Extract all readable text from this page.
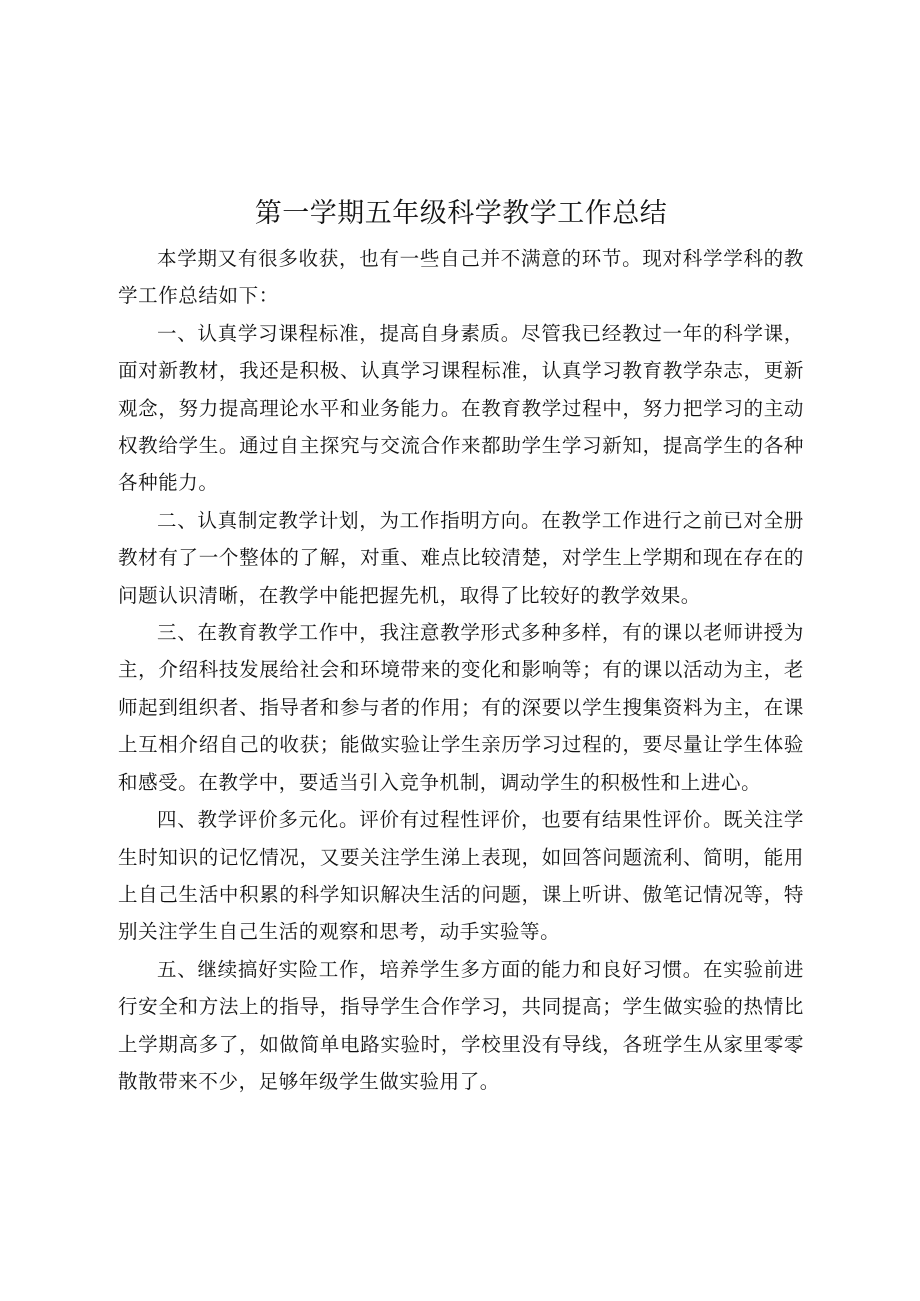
第一学期五年级科学教学工作总结

本学期又有很多收获，也有一些自己并不满意的环节。现对科学学科的教学工作总结如下：

一、认真学习课程标准，提高自身素质。尽管我已经教过一年的科学课，面对新教材，我还是积极、认真学习课程标准，认真学习教育教学杂志，更新观念，努力提高理论水平和业务能力。在教育教学过程中，努力把学习的主动权教给学生。通过自主探究与交流合作来都助学生学习新知，提高学生的各种各种能力。

二、认真制定教学计划，为工作指明方向。在教学工作进行之前已对全册教材有了一个整体的了解，对重、难点比较清楚，对学生上学期和现在存在的问题认识清晰，在教学中能把握先机，取得了比较好的教学效果。

三、在教育教学工作中，我注意教学形式多种多样，有的课以老师讲授为主，介绍科技发展给社会和环境带来的变化和影响等；有的课以活动为主，老师起到组织者、指导者和参与者的作用；有的深要以学生搜集资料为主，在课上互相介绍自己的收获；能做实验让学生亲历学习过程的，要尽量让学生体验和感受。在教学中，要适当引入竞争机制，调动学生的积极性和上进心。

四、教学评价多元化。评价有过程性评价，也要有结果性评价。既关注学生时知识的记忆情况，又要关注学生涕上表现，如回答问题流利、简明，能用上自己生活中积累的科学知识解决生活的问题，课上听讲、傲笔记情况等，特别关注学生自己生活的观察和思考，动手实验等。

五、继续搞好实险工作，培养学生多方面的能力和良好习惯。在实验前进行安全和方法上的指导，指导学生合作学习，共同提高；学生做实验的热情比上学期高多了，如做简单电路实验时，学校里没有导线，各班学生从家里零零散散带来不少，足够年级学生做实验用了。
